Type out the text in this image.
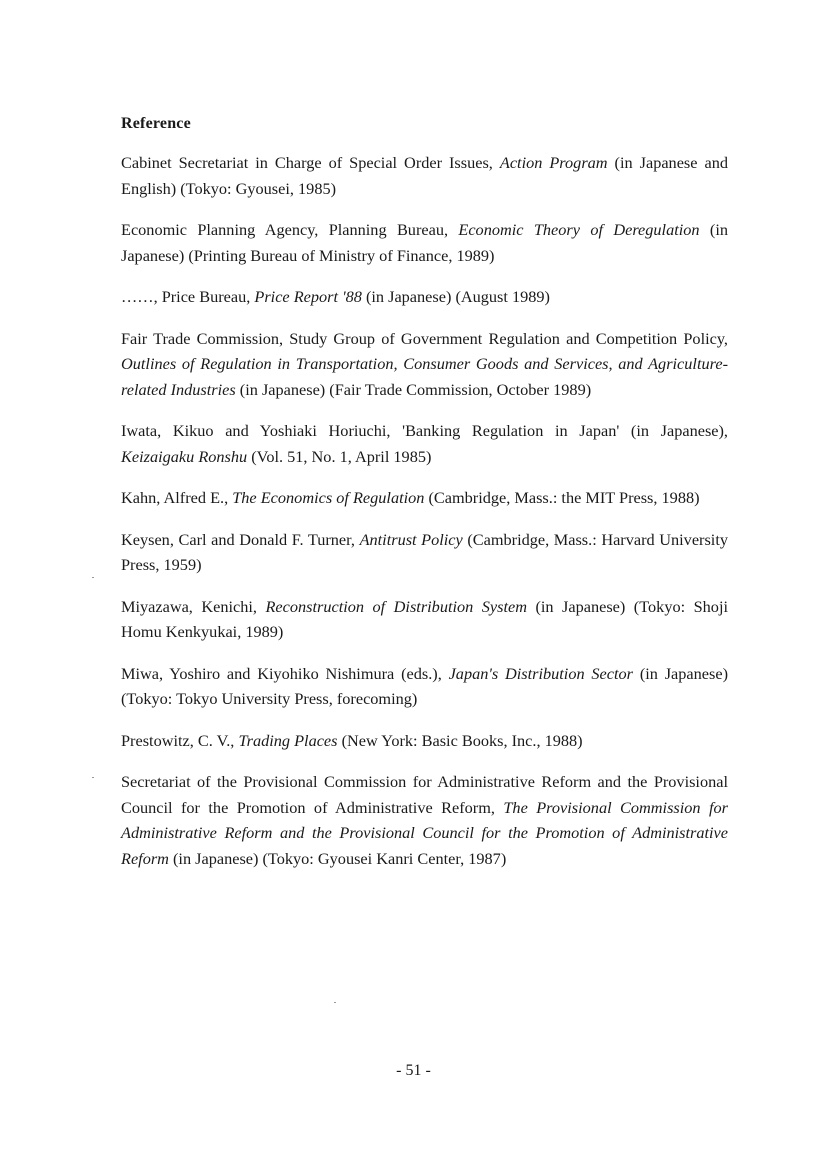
Reference

Cabinet Secretariat in Charge of Special Order Issues, Action Program (in Japanese and English) (Tokyo: Gyousei, 1985)

Economic Planning Agency, Planning Bureau, Economic Theory of Deregulation (in Japanese) (Printing Bureau of Ministry of Finance, 1989)

……, Price Bureau, Price Report '88 (in Japanese) (August 1989)

Fair Trade Commission, Study Group of Government Regulation and Competition Policy, Outlines of Regulation in Transportation, Consumer Goods and Services, and Agriculture-related Industries (in Japanese) (Fair Trade Commission, October 1989)

Iwata, Kikuo and Yoshiaki Horiuchi, 'Banking Regulation in Japan' (in Japanese), Keizaigaku Ronshu (Vol. 51, No. 1, April 1985)

Kahn, Alfred E., The Economics of Regulation (Cambridge, Mass.: the MIT Press, 1988)

Keysen, Carl and Donald F. Turner, Antitrust Policy (Cambridge, Mass.: Harvard University Press, 1959)

Miyazawa, Kenichi, Reconstruction of Distribution System (in Japanese) (Tokyo: Shoji Homu Kenkyukai, 1989)

Miwa, Yoshiro and Kiyohiko Nishimura (eds.), Japan's Distribution Sector (in Japanese) (Tokyo: Tokyo University Press, forecoming)

Prestowitz, C. V., Trading Places (New York: Basic Books, Inc., 1988)

Secretariat of the Provisional Commission for Administrative Reform and the Provisional Council for the Promotion of Administrative Reform, The Provisional Commission for Administrative Reform and the Provisional Council for the Promotion of Administrative Reform (in Japanese) (Tokyo: Gyousei Kanri Center, 1987)

- 51 -
